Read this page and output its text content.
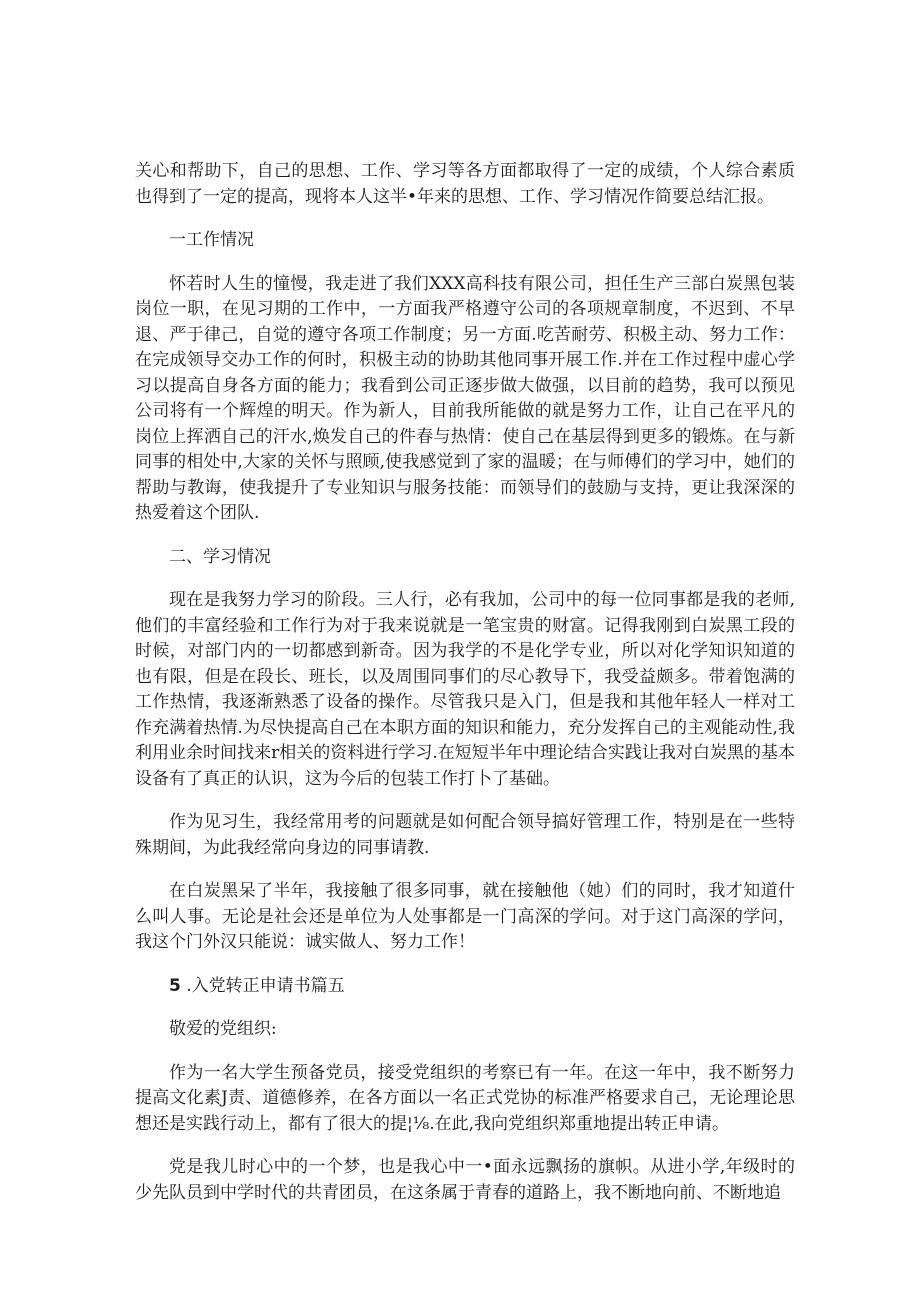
关心和帮助下，自己的思想、工作、学习等各方面都取得了一定的成绩，个人综合素质也得到了一定的提高，现将本人这半•年来的思想、工作、学习情况作简要总结汇报。

一工作情况

怀若时人生的憧慢，我走进了我们XXX高科技有限公司，担任生产三部白炭黑包装岗位一职，在见习期的工作中，一方面我严格遵守公司的各项规章制度，不迟到、不早退、严于律己，自觉的遵守各项工作制度；另一方面.吃苦耐劳、积极主动、努力工作：在完成领导交办工作的何时，积极主动的协助其他同事开展工作.并在工作过程中虚心学习以提高自身各方面的能力；我看到公司正逐步做大做强，以目前的趋势，我可以预见公司将有一个辉煌的明天。作为新人，目前我所能做的就是努力工作，让自己在平凡的岗位上挥洒自己的汗水,焕发自己的件春与热情：使自己在基层得到更多的锻炼。在与新同事的相处中,大家的关怀与照顾,使我感觉到了家的温暖；在与师傅们的学习中，她们的帮助与教诲，使我提升了专业知识与服务技能：而领导们的鼓励与支持，更让我深深的热爱着这个团队.

二、学习情况

现在是我努力学习的阶段。三人行，必有我加，公司中的每一位同事都是我的老师,他们的丰富经验和工作行为对于我来说就是一笔宝贵的财富。记得我刚到白炭黑工段的时候，对部门内的一切都感到新奇。因为我学的不是化学专业，所以对化学知识知道的也有限，但是在段长、班长，以及周围同事们的尽心教导下，我受益颇多。带着饱满的工作热情，我逐渐熟悉了设备的操作。尽管我只是入门，但是我和其他年轻人一样对工作充满着热情.为尽快提高自己在本职方面的知识和能力，充分发挥自己的主观能动性,我利用业余时间找来r相关的资料进行学习.在短短半年中理论结合实践让我对白炭黑的基本设备有了真正的认识，这为今后的包装工作打卜了基础。

作为见习生，我经常用考的问题就是如何配合领导搞好管理工作，特别是在一些特殊期间，为此我经常向身边的同事请教.

在白炭黑呆了半年，我接触了很多同事，就在接触他（她）们的同时，我才知道什么叫人事。无论是社会还是单位为人处事都是一门高深的学问。对于这门高深的学问，我这个门外汉只能说：诚实做人、努力工作！

5 .入党转正申请书篇五

敬爱的党组织:

作为一名大学生预备党员，接受党组织的考察已有一年。在这一年中，我不断努力提高文化素J责、道德修养，在各方面以一名正式党协的标准严格要求自己，无论理论思想还是实践行动上，都有了很大的提¦⅛.在此,我向党组织郑重地提出转正申请。

党是我儿时心中的一个梦，也是我心中一•面永远飘扬的旗帜。从进小学,年级时的少先队员到中学时代的共青团员，在这条属于青春的道路上，我不断地向前、不断地追
